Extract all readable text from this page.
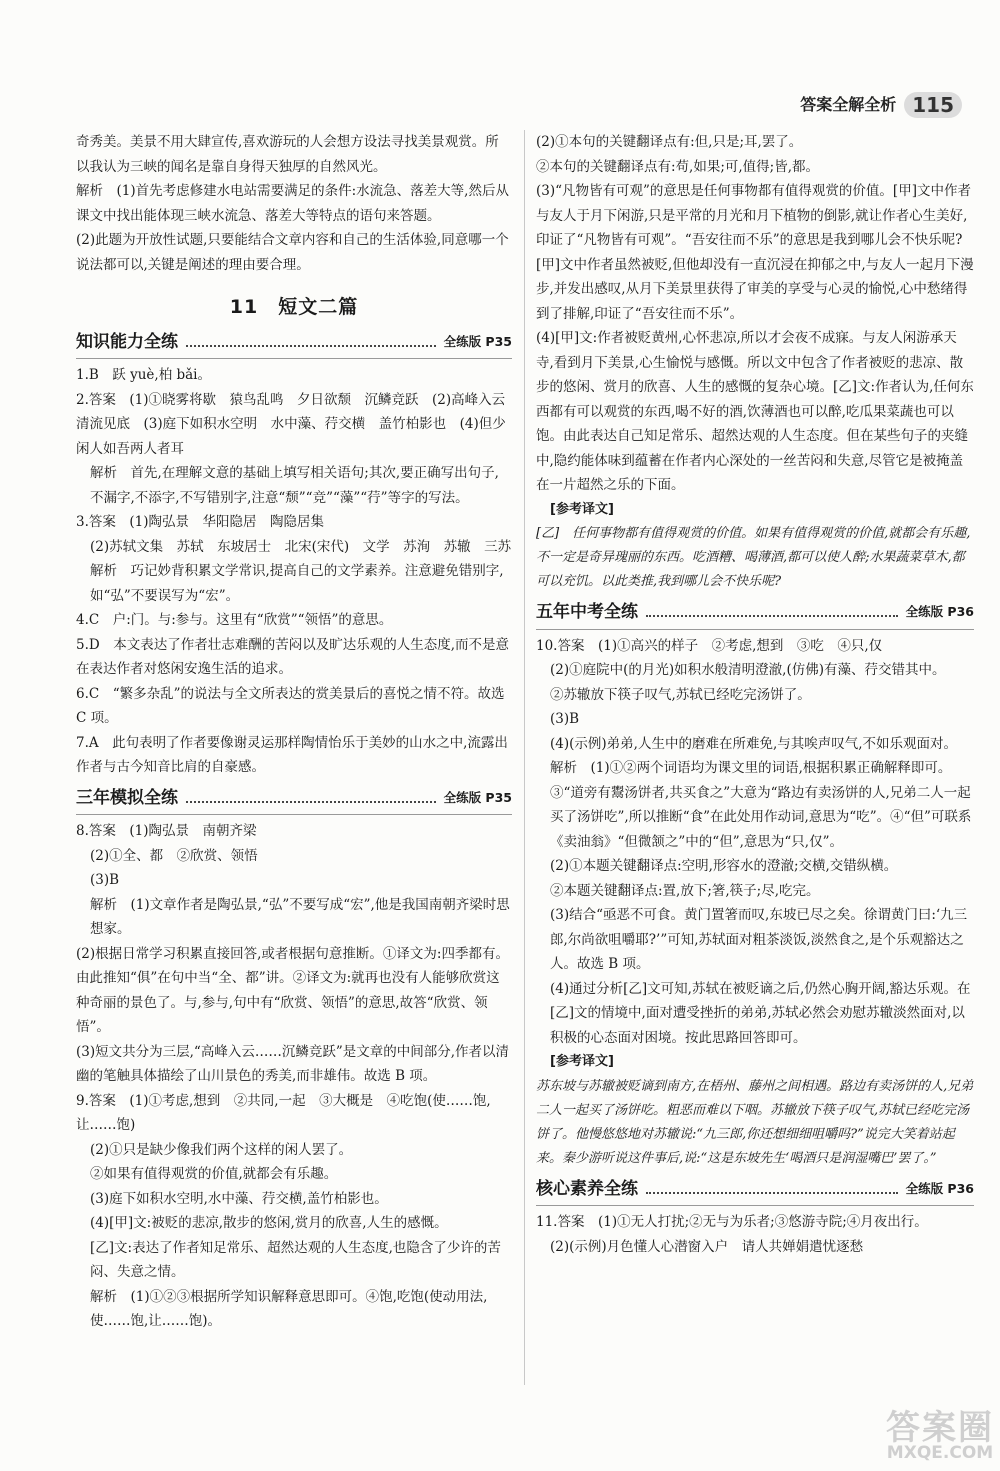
答案全解全析 115

奇秀美。美景不用大肆宣传,喜欢游玩的人会想方设法寻找美景观赏。所以我认为三峡的闻名是靠自身得天独厚的自然风光。

解析　(1)首先考虑修建水电站需要满足的条件:水流急、落差大等,然后从课文中找出能体现三峡水流急、落差大等特点的语句来答题。

(2)此题为开放性试题,只要能结合文章内容和自己的生活体验,同意哪一个说法都可以,关键是阐述的理由要合理。

11　短文二篇
知识能力全练	全练版 P35

1.B　跃 yuè,柏 bǎi。

2.答案　(1)①晓雾将歇　猿鸟乱鸣　夕日欲颓　沉鳞竞跃　(2)高峰入云　清流见底　(3)庭下如积水空明　水中藻、荇交横　盖竹柏影也　(4)但少闲人如吾两人者耳

解析　首先,在理解文意的基础上填写相关语句;其次,要正确写出句子,不漏字,不添字,不写错别字,注意“颓”“竞”“藻”“荇”等字的写法。

3.答案　(1)陶弘景　华阳隐居　陶隐居集

(2)苏轼文集　苏轼　东坡居士　北宋(宋代)　文学　苏洵　苏辙　三苏

解析　巧记妙背积累文学常识,提高自己的文学素养。注意避免错别字,如“弘”不要误写为“宏”。

4.C　户:门。与:参与。这里有“欣赏”“领悟”的意思。

5.D　本文表达了作者壮志难酬的苦闷以及旷达乐观的人生态度,而不是意在表达作者对悠闲安逸生活的追求。

6.C　“繁多杂乱”的说法与全文所表达的赏美景后的喜悦之情不符。故选 C 项。

7.A　此句表明了作者要像谢灵运那样陶情怡乐于美妙的山水之中,流露出作者与古今知音比肩的自豪感。

三年模拟全练	全练版 P35

8.答案　(1)陶弘景　南朝齐梁

(2)①全、都　②欣赏、领悟

(3)B

解析　(1)文章作者是陶弘景,“弘”不要写成“宏”,他是我国南朝齐梁时思想家。

(2)根据日常学习积累直接回答,或者根据句意推断。①译文为:四季都有。由此推知“俱”在句中当“全、都”讲。②译文为:就再也没有人能够欣赏这种奇丽的景色了。与,参与,句中有“欣赏、领悟”的意思,故答“欣赏、领悟”。

(3)短文共分为三层,“高峰入云……沉鳞竞跃”是文章的中间部分,作者以清幽的笔触具体描绘了山川景色的秀美,而非雄伟。故选 B 项。

9.答案　(1)①考虑,想到　②共同,一起　③大概是　④吃饱(使……饱,让……饱)

(2)①只是缺少像我们两个这样的闲人罢了。

②如果有值得观赏的价值,就都会有乐趣。

(3)庭下如积水空明,水中藻、荇交横,盖竹柏影也。

(4)[甲]文:被贬的悲凉,散步的悠闲,赏月的欣喜,人生的感慨。

[乙]文:表达了作者知足常乐、超然达观的人生态度,也隐含了少许的苦闷、失意之情。

解析　(1)①②③根据所学知识解释意思即可。④饱,吃饱(使动用法,使……饱,让……饱)。

(2)①本句的关键翻译点有:但,只是;耳,罢了。

②本句的关键翻译点有:苟,如果;可,值得;皆,都。

(3)“凡物皆有可观”的意思是任何事物都有值得观赏的价值。[甲]文中作者与友人于月下闲游,只是平常的月光和月下植物的倒影,就让作者心生美好,印证了“凡物皆有可观”。“吾安往而不乐”的意思是我到哪儿会不快乐呢?[甲]文中作者虽然被贬,但他却没有一直沉浸在抑郁之中,与友人一起月下漫步,并发出感叹,从月下美景里获得了审美的享受与心灵的愉悦,心中愁绪得到了排解,印证了“吾安往而不乐”。

(4)[甲]文:作者被贬黄州,心怀悲凉,所以才会夜不成寐。与友人闲游承天寺,看到月下美景,心生愉悦与感慨。所以文中包含了作者被贬的悲凉、散步的悠闲、赏月的欣喜、人生的感慨的复杂心境。[乙]文:作者认为,任何东西都有可以观赏的东西,喝不好的酒,饮薄酒也可以醉,吃瓜果菜蔬也可以饱。由此表达自己知足常乐、超然达观的人生态度。但在某些句子的夹缝中,隐约能体味到蕴蓄在作者内心深处的一丝苦闷和失意,尽管它是被掩盖在一片超然之乐的下面。

[参考译文]

[乙]　任何事物都有值得观赏的价值。如果有值得观赏的价值,就都会有乐趣,不一定是奇异瑰丽的东西。吃酒糟、喝薄酒,都可以使人醉;水果蔬菜草木,都可以充饥。以此类推,我到哪儿会不快乐呢?

五年中考全练	全练版 P36

10.答案　(1)①高兴的样子　②考虑,想到　③吃　④只,仅

(2)①庭院中(的月光)如积水般清明澄澈,(仿佛)有藻、荇交错其中。

②苏辙放下筷子叹气,苏轼已经吃完汤饼了。

(3)B

(4)(示例)弟弟,人生中的磨难在所难免,与其唉声叹气,不如乐观面对。

解析　(1)①②两个词语均为课文里的词语,根据积累正确解释即可。③“道旁有鬻汤饼者,共买食之”大意为“路边有卖汤饼的人,兄弟二人一起买了汤饼吃”,所以推断“食”在此处用作动词,意思为“吃”。④“但”可联系《卖油翁》“但微颔之”中的“但”,意思为“只,仅”。

(2)①本题关键翻译点:空明,形容水的澄澈;交横,交错纵横。

②本题关键翻译点:置,放下;箸,筷子;尽,吃完。

(3)结合“亟恶不可食。黄门置箸而叹,东坡已尽之矣。徐谓黄门曰:‘九三郎,尔尚欲咀嚼耶?’”可知,苏轼面对粗茶淡饭,淡然食之,是个乐观豁达之人。故选 B 项。

(4)通过分析[乙]文可知,苏轼在被贬谪之后,仍然心胸开阔,豁达乐观。在[乙]文的情境中,面对遭受挫折的弟弟,苏轼必然会劝慰苏辙淡然面对,以积极的心态面对困境。按此思路回答即可。

[参考译文]

苏东坡与苏辙被贬谪到南方,在梧州、藤州之间相遇。路边有卖汤饼的人,兄弟二人一起买了汤饼吃。粗恶而难以下咽。苏辙放下筷子叹气,苏轼已经吃完汤饼了。他慢悠悠地对苏辙说:“九三郎,你还想细细咀嚼吗?”说完大笑着站起来。秦少游听说这件事后,说:“这是东坡先生‘喝酒只是润湿嘴巴’罢了。”

核心素养全练	全练版 P36

11.答案　(1)①无人打扰;②无与为乐者;③悠游寺院;④月夜出行。

(2)(示例)月色懂人心潜窗入户　请人共婵娟遣忧逐愁

答案圈
MXQE.COM
